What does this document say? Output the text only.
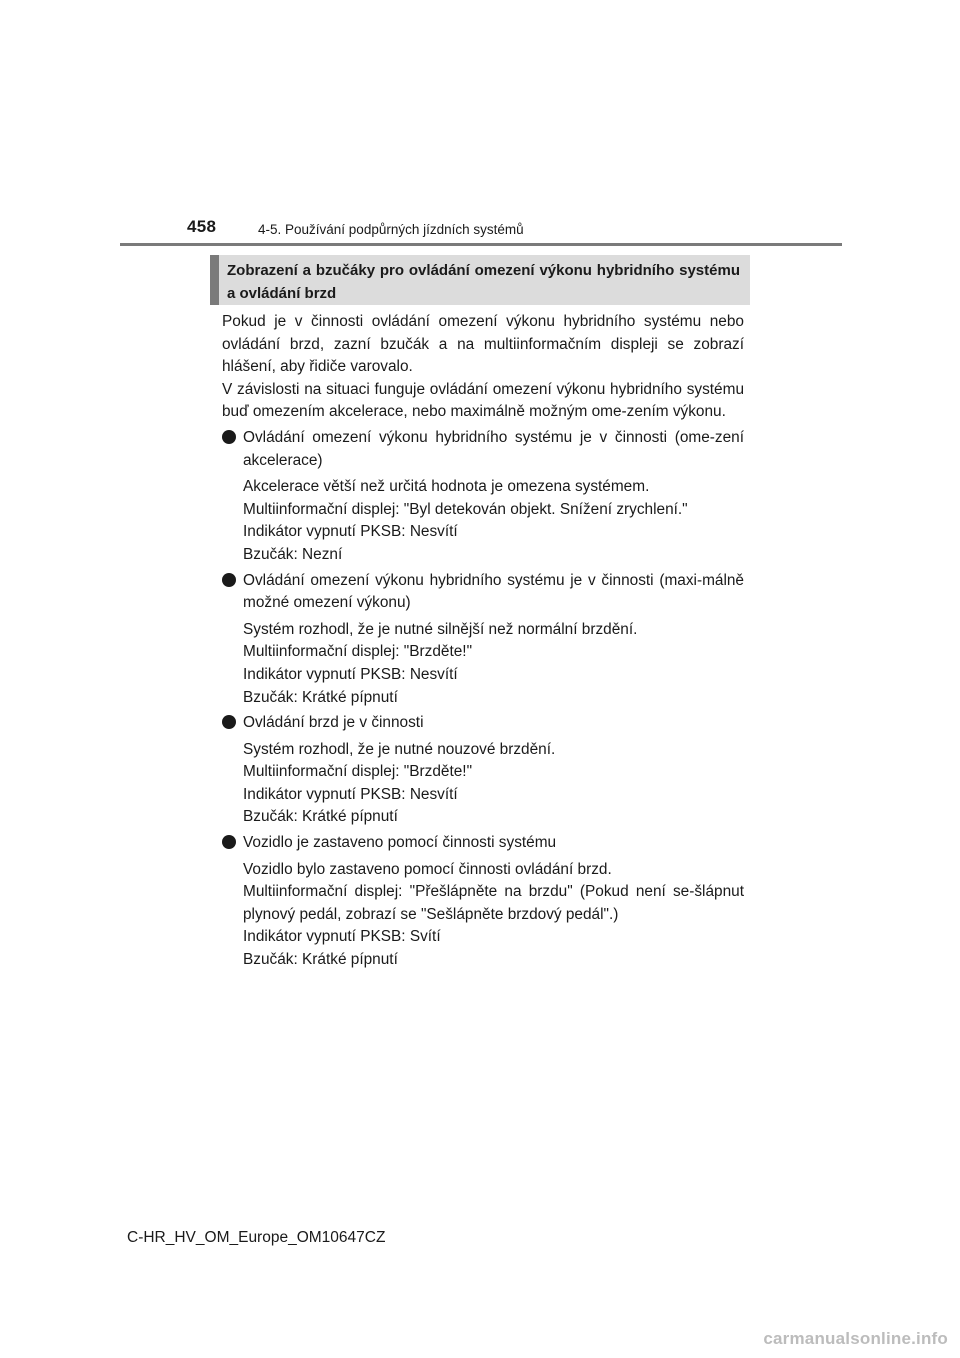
458	4-5. Používání podpůrných jízdních systémů
Zobrazení a bzučáky pro ovládání omezení výkonu hybridního systému a ovládání brzd

Pokud je v činnosti ovládání omezení výkonu hybridního systému nebo ovládání brzd, zazní bzučák a na multiinformačním displeji se zobrazí hlášení, aby řidiče varovalo.

V závislosti na situaci funguje ovládání omezení výkonu hybridního systému buď omezením akcelerace, nebo maximálně možným ome-zením výkonu.

Ovládání omezení výkonu hybridního systému je v činnosti (ome-zení akcelerace)
Akcelerace větší než určitá hodnota je omezena systémem.
Multiinformační displej: "Byl detekován objekt. Snížení zrychlení."
Indikátor vypnutí PKSB: Nesvítí
Bzučák: Nezní
Ovládání omezení výkonu hybridního systému je v činnosti (maxi-málně možné omezení výkonu)
Systém rozhodl, že je nutné silnější než normální brzdění.
Multiinformační displej: "Brzděte!"
Indikátor vypnutí PKSB: Nesvítí
Bzučák: Krátké pípnutí
Ovládání brzd je v činnosti
Systém rozhodl, že je nutné nouzové brzdění.
Multiinformační displej: "Brzděte!"
Indikátor vypnutí PKSB: Nesvítí
Bzučák: Krátké pípnutí
Vozidlo je zastaveno pomocí činnosti systému
Vozidlo bylo zastaveno pomocí činnosti ovládání brzd.
Multiinformační displej: "Přešlápněte na brzdu" (Pokud není se-šlápnut plynový pedál, zobrazí se "Sešlápněte brzdový pedál".)
Indikátor vypnutí PKSB: Svítí
Bzučák: Krátké pípnutí
C-HR_HV_OM_Europe_OM10647CZ
carmanualsonline.info
